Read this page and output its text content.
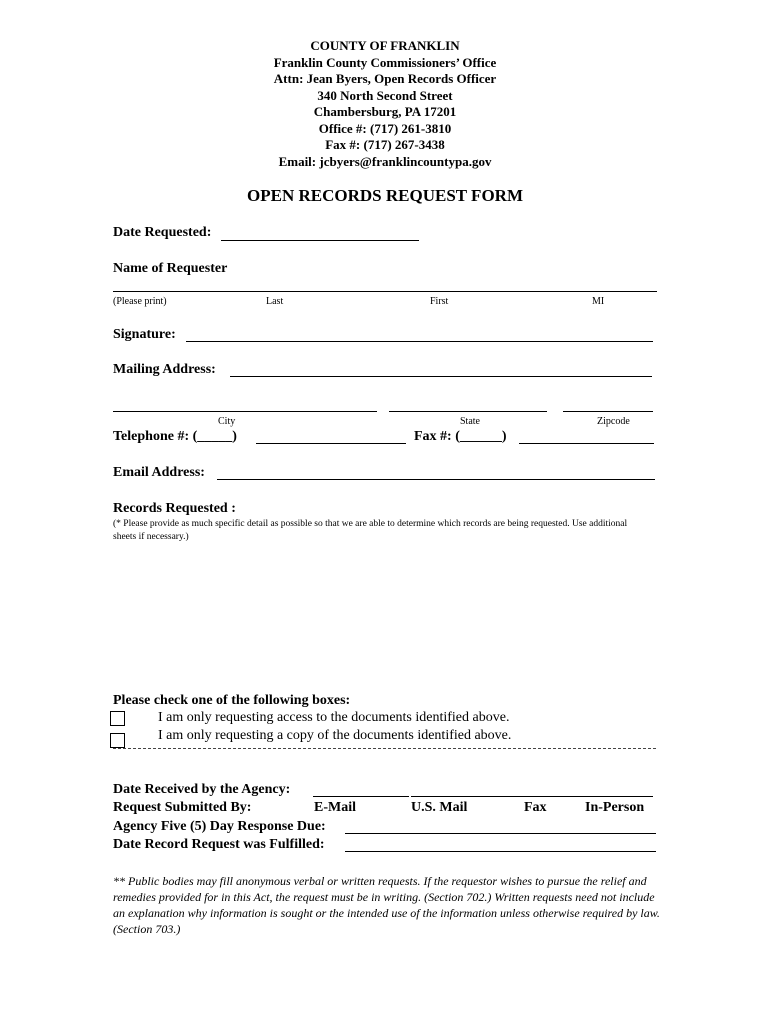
COUNTY OF FRANKLIN
Franklin County Commissioners’ Office
Attn: Jean Byers, Open Records Officer
340 North Second Street
Chambersburg, PA 17201
Office #: (717) 261-3810
Fax #: (717) 267-3438
Email: jcbyers@franklincountypa.gov
OPEN RECORDS REQUEST FORM
Date Requested:
Name of Requester
(Please print)	Last	First	MI
Signature:
Mailing Address:
City	State	Zipcode
Telephone #: (_____)	Fax #: (______)
Email Address:
Records Requested :
(* Please provide as much specific detail as possible so that we are able to determine which records are being requested. Use additional sheets if necessary.)
Please check one of the following boxes:
I am only requesting access to the documents identified above.
I am only requesting a copy of the documents identified above.
Date Received by the Agency:
Request Submitted By:	E-Mail	U.S. Mail	Fax	In-Person
Agency Five (5) Day Response Due:
Date Record Request was Fulfilled:
** Public bodies may fill anonymous verbal or written requests. If the requestor wishes to pursue the relief and remedies provided for in this Act, the request must be in writing. (Section 702.) Written requests need not include an explanation why information is sought or the intended use of the information unless otherwise required by law. (Section 703.)
